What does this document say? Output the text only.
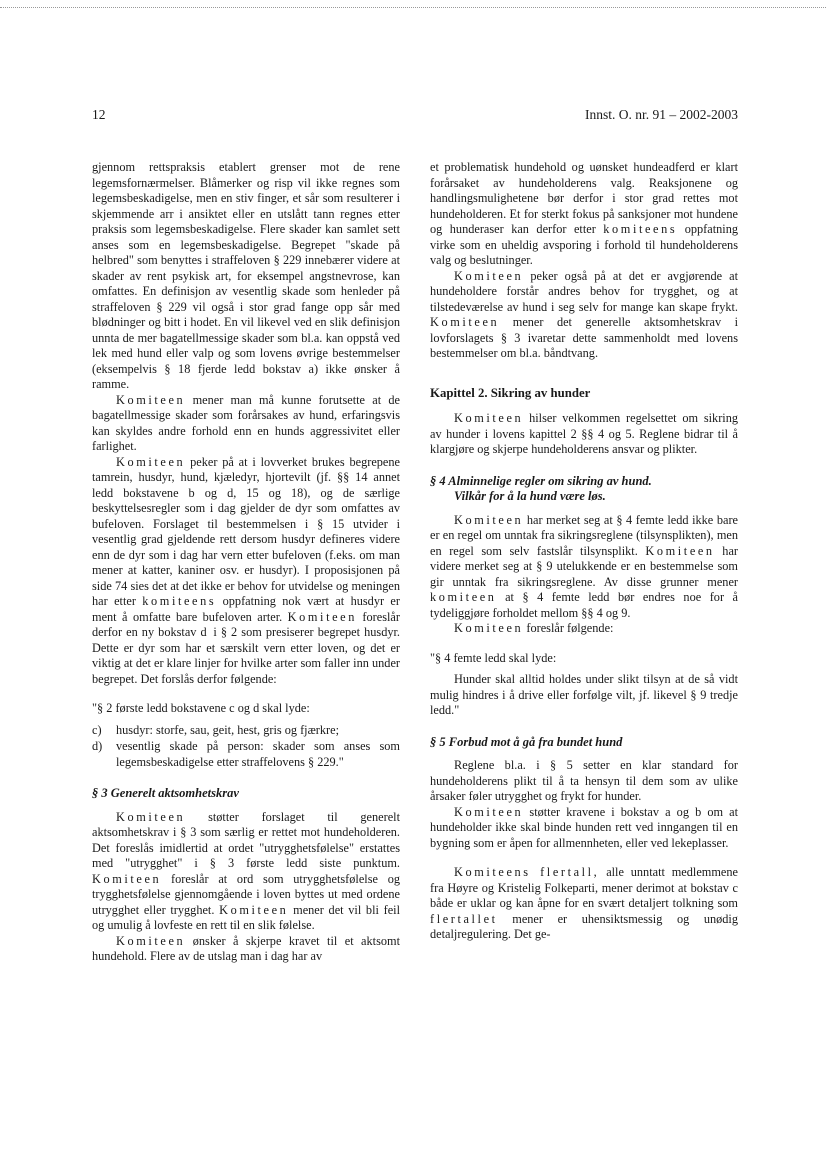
12	Innst. O. nr. 91 – 2002-2003

gjennom rettspraksis etablert grenser mot de rene legemsfornærmelser. Blåmerker og risp vil ikke regnes som legemsbeskadigelse, men en stiv finger, et sår som resulterer i skjemmende arr i ansiktet eller en utslått tann regnes etter praksis som legemsbeskadigelse. Flere skader kan samlet sett anses som en legemsbeskadigelse. Begrepet "skade på helbred" som benyttes i straffeloven § 229 innebærer videre at skader av rent psykisk art, for eksempel angstnevrose, kan omfattes. En definisjon av vesentlig skade som henleder på straffeloven § 229 vil også i stor grad fange opp sår med blødninger og bitt i hodet. En vil likevel ved en slik definisjon unnta de mer bagatellmessige skader som bl.a. kan oppstå ved lek med hund eller valp og som lovens øvrige bestemmelser (eksempelvis § 18 fjerde ledd bokstav a) ikke ønsker å ramme.

Komiteen mener man må kunne forutsette at de bagatellmessige skader som forårsakes av hund, erfaringsvis kan skyldes andre forhold enn en hunds aggressivitet eller farlighet.

Komiteen peker på at i lovverket brukes begrepene tamrein, husdyr, hund, kjæledyr, hjortevilt (jf. §§ 14 annet ledd bokstavene b og d, 15 og 18), og de særlige beskyttelsesregler som i dag gjelder de dyr som omfattes av bufeloven. Forslaget til bestemmelsen i § 15 utvider i vesentlig grad gjeldende rett dersom husdyr defineres videre enn de dyr som i dag har vern etter bufeloven (f.eks. om man mener at katter, kaniner osv. er husdyr). I proposisjonen på side 74 sies det at det ikke er behov for utvidelse og meningen har etter komiteens oppfatning nok vært at husdyr er ment å omfatte bare bufeloven arter. Komiteen foreslår derfor en ny bokstav d i § 2 som presiserer begrepet husdyr. Dette er dyr som har et særskilt vern etter loven, og det er viktig at det er klare linjer for hvilke arter som faller inn under begrepet. Det forslås derfor følgende:

"§ 2 første ledd bokstavene c og d skal lyde:

c) husdyr: storfe, sau, geit, hest, gris og fjærkre;
d) vesentlig skade på person: skader som anses som legemsbeskadigelse etter straffelovens § 229."

§ 3 Generelt aktsomhetskrav

Komiteen støtter forslaget til generelt aktsomhetskrav i § 3 som særlig er rettet mot hundeholderen. Det foreslås imidlertid at ordet "utrygghetsfølelse" erstattes med "utrygghet" i § 3 første ledd siste punktum. Komiteen foreslår at ord som utrygghetsfølelse og trygghetsfølelse gjennomgående i loven byttes ut med ordene utrygghet eller trygghet. Komiteen mener det vil bli feil og umulig å lovfeste en rett til en slik følelse.

Komiteen ønsker å skjerpe kravet til et aktsomt hundehold. Flere av de utslag man i dag har av

et problematisk hundehold og uønsket hundeadferd er klart forårsaket av hundeholderens valg. Reaksjonene og handlingsmulighetene bør derfor i stor grad rettes mot hundeholderen. Et for sterkt fokus på sanksjoner mot hundene og hunderaser kan derfor etter komiteens oppfatning virke som en uheldig avsporing i forhold til hundeholderens valg og beslutninger.

Komiteen peker også på at det er avgjørende at hundeholdere forstår andres behov for trygghet, og at tilstedeværelse av hund i seg selv for mange kan skape frykt. Komiteen mener det generelle aktsomhetskrav i lovforslagets § 3 ivaretar dette sammenholdt med lovens bestemmelser om bl.a. båndtvang.

Kapittel 2. Sikring av hunder

Komiteen hilser velkommen regelsettet om sikring av hunder i lovens kapittel 2 §§ 4 og 5. Reglene bidrar til å klargjøre og skjerpe hundeholderens ansvar og plikter.

§ 4 Alminnelige regler om sikring av hund.
Vilkår for å la hund være løs.

Komiteen har merket seg at § 4 femte ledd ikke bare er en regel om unntak fra sikringsreglene (tilsynsplikten), men en regel som selv fastslår tilsynsplikt. Komiteen har videre merket seg at § 9 utelukkende er en bestemmelse som gir unntak fra sikringsreglene. Av disse grunner mener komiteen at § 4 femte ledd bør endres noe for å tydeliggjøre forholdet mellom §§ 4 og 9.

Komiteen foreslår følgende:

"§ 4 femte ledd skal lyde:

Hunder skal alltid holdes under slikt tilsyn at de så vidt mulig hindres i å drive eller forfølge vilt, jf. likevel § 9 tredje ledd."

§ 5 Forbud mot å gå fra bundet hund

Reglene bl.a. i § 5 setter en klar standard for hundeholderens plikt til å ta hensyn til dem som av ulike årsaker føler utrygghet og frykt for hunder.

Komiteen støtter kravene i bokstav a og b om at hundeholder ikke skal binde hunden rett ved inngangen til en bygning som er åpen for allmennheten, eller ved lekeplasser.

Komiteens flertall, alle unntatt medlemmene fra Høyre og Kristelig Folkeparti, mener derimot at bokstav c både er uklar og kan åpne for en svært detaljert tolkning som flertallet mener er uhensiktsmessig og unødig detaljregulering. Det ge-
